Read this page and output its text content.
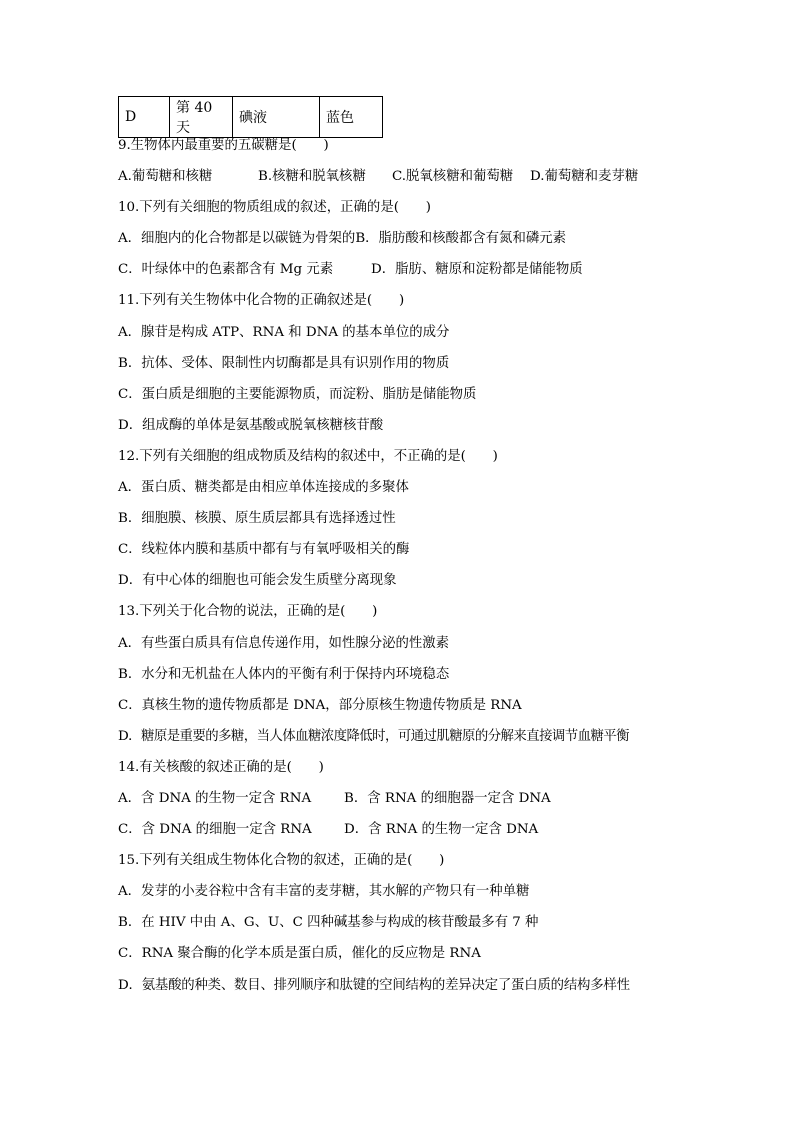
D	第 40 天	碘液	蓝色
9.生物体内最重要的五碳糖是(　　)
A.葡萄糖和核糖	B.核糖和脱氧核糖 C.脱氧核糖和葡萄糖 D.葡萄糖和麦芽糖
10.下列有关细胞的物质组成的叙述，正确的是(　　)
A．细胞内的化合物都是以碳链为骨架的B．脂肪酸和核酸都含有氮和磷元素
C．叶绿体中的色素都含有 Mg 元素	D．脂肪、糖原和淀粉都是储能物质
11.下列有关生物体中化合物的正确叙述是(　　)
A．腺苷是构成 ATP、RNA 和 DNA 的基本单位的成分
B．抗体、受体、限制性内切酶都是具有识别作用的物质
C．蛋白质是细胞的主要能源物质，而淀粉、脂肪是储能物质
D．组成酶的单体是氨基酸或脱氧核糖核苷酸
12.下列有关细胞的组成物质及结构的叙述中，不正确的是(　　)
A．蛋白质、糖类都是由相应单体连接成的多聚体
B．细胞膜、核膜、原生质层都具有选择透过性
C．线粒体内膜和基质中都有与有氧呼吸相关的酶
D．有中心体的细胞也可能会发生质壁分离现象
13.下列关于化合物的说法，正确的是(　　)
A．有些蛋白质具有信息传递作用，如性腺分泌的性激素
B．水分和无机盐在人体内的平衡有利于保持内环境稳态
C．真核生物的遗传物质都是 DNA，部分原核生物遗传物质是 RNA
D．糖原是重要的多糖，当人体血糖浓度降低时，可通过肌糖原的分解来直接调节血糖平衡
14.有关核酸的叙述正确的是(　　)
A．含 DNA 的生物一定含 RNA B．含 RNA 的细胞器一定含 DNA
C．含 DNA 的细胞一定含 RNA D．含 RNA 的生物一定含 DNA
15.下列有关组成生物体化合物的叙述，正确的是(　　)
A．发芽的小麦谷粒中含有丰富的麦芽糖，其水解的产物只有一种单糖
B．在 HIV 中由 A、G、U、C 四种碱基参与构成的核苷酸最多有 7 种
C．RNA 聚合酶的化学本质是蛋白质，催化的反应物是 RNA
D．氨基酸的种类、数目、排列顺序和肽键的空间结构的差异决定了蛋白质的结构多样性
